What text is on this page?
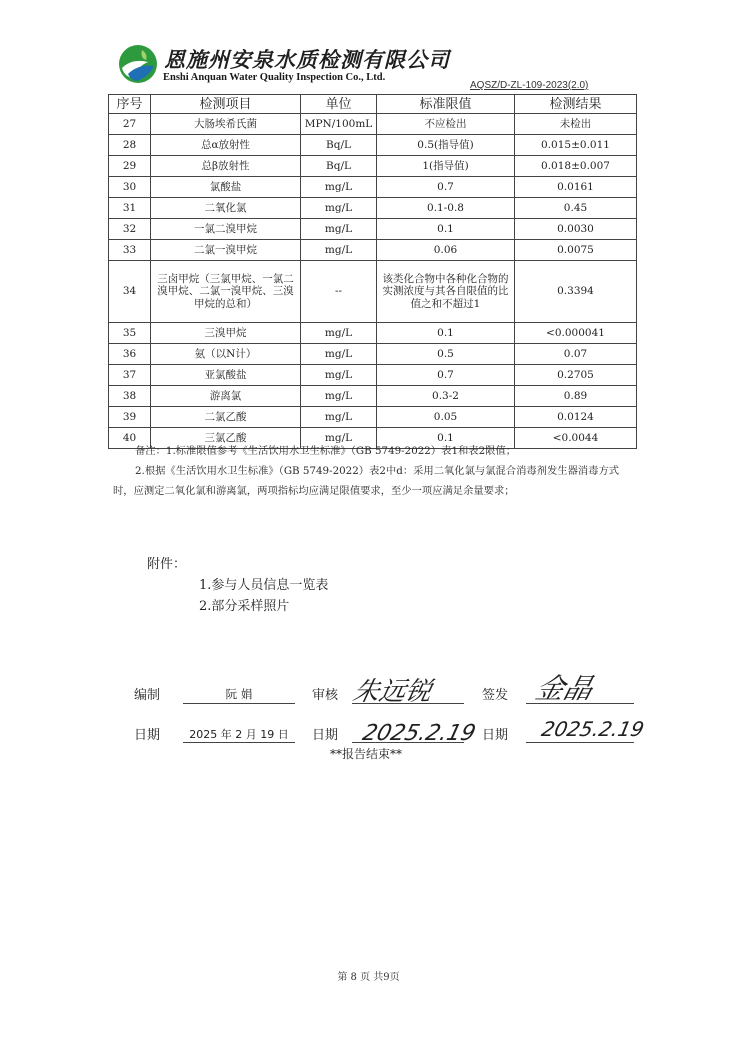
恩施州安泉水质检测有限公司
Enshi Anquan Water Quality Inspection Co., Ltd.
AQSZ/D-ZL-109-2023(2.0)
序号	检测项目	单位	标准限值	检测结果
27	大肠埃希氏菌	MPN/100mL	不应检出	未检出
28	总α放射性	Bq/L	0.5(指导值)	0.015±0.011
29	总β放射性	Bq/L	1(指导值)	0.018±0.007
30	氯酸盐	mg/L	0.7	0.0161
31	二氧化氯	mg/L	0.1-0.8	0.45
32	一氯二溴甲烷	mg/L	0.1	0.0030
33	二氯一溴甲烷	mg/L	0.06	0.0075
34	三卤甲烷（三氯甲烷、一氯二溴甲烷、二氯一溴甲烷、三溴甲烷的总和）	--	该类化合物中各种化合物的实测浓度与其各自限值的比值之和不超过1	0.3394
35	三溴甲烷	mg/L	0.1	<0.000041
36	氨（以N计）	mg/L	0.5	0.07
37	亚氯酸盐	mg/L	0.7	0.2705
38	游离氯	mg/L	0.3-2	0.89
39	二氯乙酸	mg/L	0.05	0.0124
40	三氯乙酸	mg/L	0.1	<0.0044

备注：1.标准限值参考《生活饮用水卫生标准》（GB 5749-2022）表1和表2限值；

2.根据《生活饮用水卫生标准》（GB 5749-2022）表2中d：采用二氧化氯与氯混合消毒剂发生器消毒方式时，应测定二氧化氯和游离氯，两项指标均应满足限值要求，至少一项应满足余量要求；

附件：
1.参与人员信息一览表
2.部分采样照片
编制	阮 娟	审核 朱远锐	签发 金晶
日期	2025 年 2 月 19 日	日期 2025.2.19 日期 2025.2.19
**报告结束**
第 8 页 共9页
